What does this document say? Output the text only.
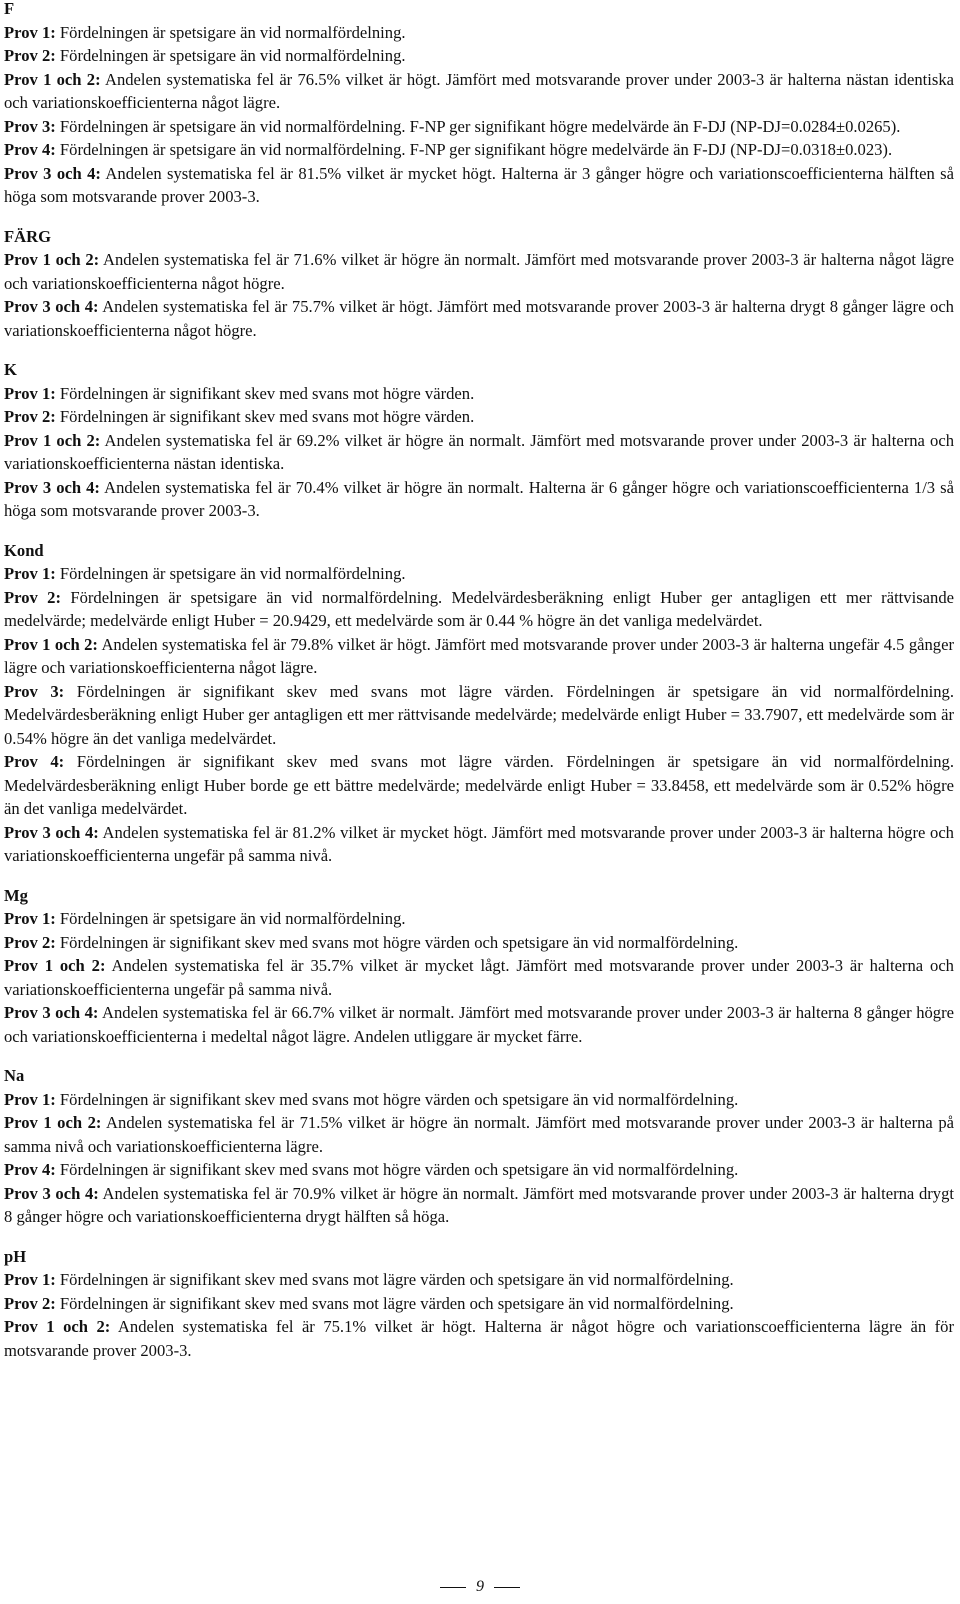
F
Prov 1: Fördelningen är spetsigare än vid normalfördelning.
Prov 2: Fördelningen är spetsigare än vid normalfördelning.
Prov 1 och 2: Andelen systematiska fel är 76.5% vilket är högt. Jämfört med motsvarande prover under 2003-3 är halterna nästan identiska och variationskoefficienterna något lägre.
Prov 3: Fördelningen är spetsigare än vid normalfördelning. F-NP ger signifikant högre medelvärde än F-DJ (NP-DJ=0.0284±0.0265).
Prov 4: Fördelningen är spetsigare än vid normalfördelning. F-NP ger signifikant högre medelvärde än F-DJ (NP-DJ=0.0318±0.023).
Prov 3 och 4: Andelen systematiska fel är 81.5% vilket är mycket högt. Halterna är 3 gånger högre och variationscoefficienterna hälften så höga som motsvarande prover 2003-3.
FÄRG
Prov 1 och 2: Andelen systematiska fel är 71.6% vilket är högre än normalt. Jämfört med motsvarande prover 2003-3 är halterna något lägre och variationskoefficienterna något högre.
Prov 3 och 4: Andelen systematiska fel är 75.7% vilket är högt. Jämfört med motsvarande prover 2003-3 är halterna drygt 8 gånger lägre och variationskoefficienterna något högre.
K
Prov 1: Fördelningen är signifikant skev med svans mot högre värden.
Prov 2: Fördelningen är signifikant skev med svans mot högre värden.
Prov 1 och 2: Andelen systematiska fel är 69.2% vilket är högre än normalt. Jämfört med motsvarande prover under 2003-3 är halterna och variationskoefficienterna nästan identiska.
Prov 3 och 4: Andelen systematiska fel är 70.4% vilket är högre än normalt. Halterna är 6 gånger högre och variationscoefficienterna 1/3 så höga som motsvarande prover 2003-3.
Kond
Prov 1: Fördelningen är spetsigare än vid normalfördelning.
Prov 2: Fördelningen är spetsigare än vid normalfördelning. Medelvärdesberäkning enligt Huber ger antagligen ett mer rättvisande medelvärde; medelvärde enligt Huber = 20.9429, ett medelvärde som är 0.44 % högre än det vanliga medelvärdet.
Prov 1 och 2: Andelen systematiska fel är 79.8% vilket är högt. Jämfört med motsvarande prover under 2003-3 är halterna ungefär 4.5 gånger lägre och variationskoefficienterna något lägre.
Prov 3: Fördelningen är signifikant skev med svans mot lägre värden. Fördelningen är spetsigare än vid normalfördelning. Medelvärdesberäkning enligt Huber ger antagligen ett mer rättvisande medelvärde; medelvärde enligt Huber = 33.7907, ett medelvärde som är 0.54% högre än det vanliga medelvärdet.
Prov 4: Fördelningen är signifikant skev med svans mot lägre värden. Fördelningen är spetsigare än vid normalfördelning. Medelvärdesberäkning enligt Huber borde ge ett bättre medelvärde; medelvärde enligt Huber = 33.8458, ett medelvärde som är 0.52% högre än det vanliga medelvärdet.
Prov 3 och 4: Andelen systematiska fel är 81.2% vilket är mycket högt. Jämfört med motsvarande prover under 2003-3 är halterna högre och variationskoefficienterna ungefär på samma nivå.
Mg
Prov 1: Fördelningen är spetsigare än vid normalfördelning.
Prov 2: Fördelningen är signifikant skev med svans mot högre värden och spetsigare än vid normalfördelning.
Prov 1 och 2: Andelen systematiska fel är 35.7% vilket är mycket lågt. Jämfört med motsvarande prover under 2003-3 är halterna och variationskoefficienterna ungefär på samma nivå.
Prov 3 och 4: Andelen systematiska fel är 66.7% vilket är normalt. Jämfört med motsvarande prover under 2003-3 är halterna 8 gånger högre och variationskoefficienterna i medeltal något lägre. Andelen utliggare är mycket färre.
Na
Prov 1: Fördelningen är signifikant skev med svans mot högre värden och spetsigare än vid normalfördelning.
Prov 1 och 2: Andelen systematiska fel är 71.5% vilket är högre än normalt. Jämfört med motsvarande prover under 2003-3 är halterna på samma nivå och variationskoefficienterna lägre.
Prov 4: Fördelningen är signifikant skev med svans mot högre värden och spetsigare än vid normalfördelning.
Prov 3 och 4: Andelen systematiska fel är 70.9% vilket är högre än normalt. Jämfört med motsvarande prover under 2003-3 är halterna drygt 8 gånger högre och variationskoefficienterna drygt hälften så höga.
pH
Prov 1: Fördelningen är signifikant skev med svans mot lägre värden och spetsigare än vid normalfördelning.
Prov 2: Fördelningen är signifikant skev med svans mot lägre värden och spetsigare än vid normalfördelning.
Prov 1 och 2: Andelen systematiska fel är 75.1% vilket är högt. Halterna är något högre och variationscoefficienterna lägre än för motsvarande prover 2003-3.
9
